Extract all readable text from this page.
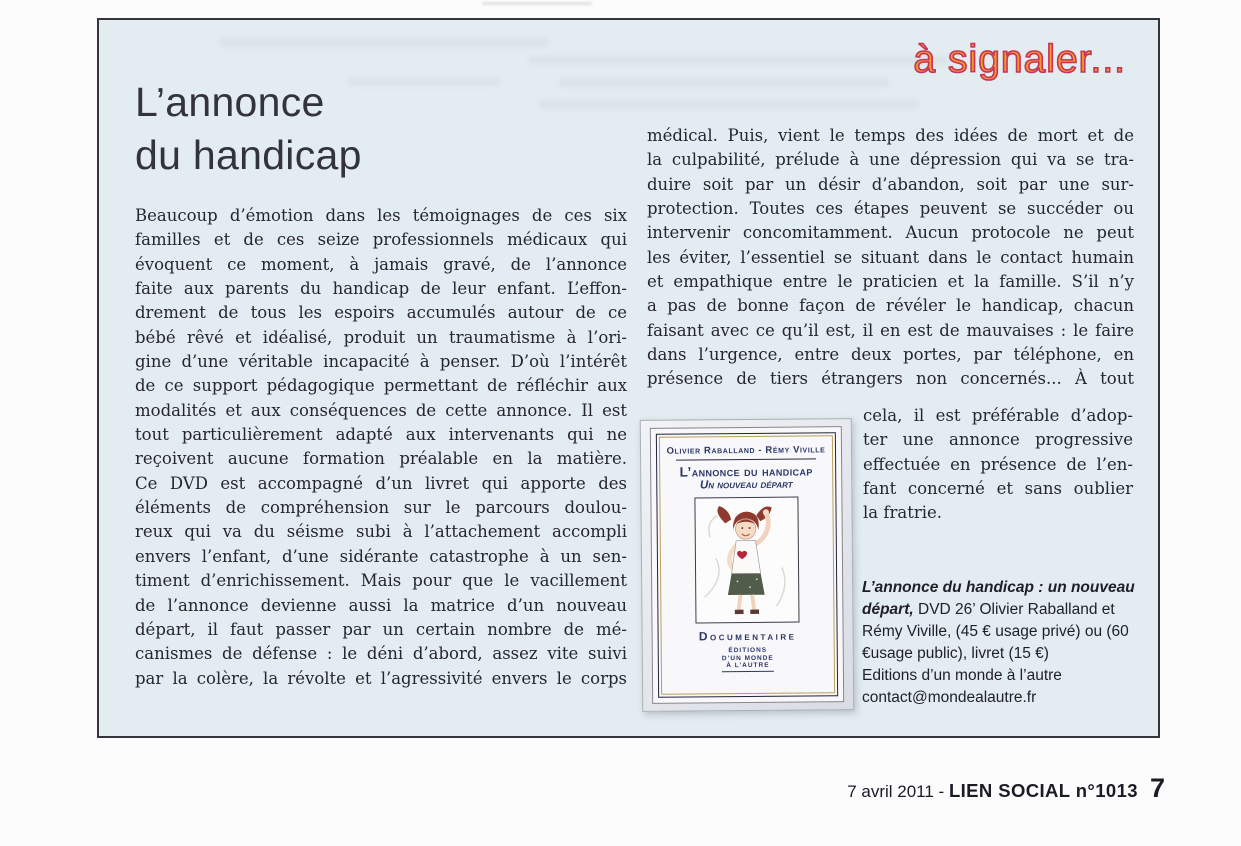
à signaler...
L’annonce
du handicap
Beaucoup d’émotion dans les témoignages de ces six
familles et de ces seize professionnels médicaux qui
évoquent ce moment, à jamais gravé, de l’annonce
faite aux parents du handicap de leur enfant. L’effon-
drement de tous les espoirs accumulés autour de ce
bébé rêvé et idéalisé, produit un traumatisme à l’ori-
gine d’une véritable incapacité à penser. D’où l’intérêt
de ce support pédagogique permettant de réfléchir aux
modalités et aux conséquences de cette annonce. Il est
tout particulièrement adapté aux intervenants qui ne
reçoivent aucune formation préalable en la matière.
Ce DVD est accompagné d’un livret qui apporte des
éléments de compréhension sur le parcours doulou-
reux qui va du séisme subi à l’attachement accompli
envers l’enfant, d’une sidérante catastrophe à un sen-
timent d’enrichissement. Mais pour que le vacillement
de l’annonce devienne aussi la matrice d’un nouveau
départ, il faut passer par un certain nombre de mé-
canismes de défense : le déni d’abord, assez vite suivi
par la colère, la révolte et l’agressivité envers le corps
médical. Puis, vient le temps des idées de mort et de
la culpabilité, prélude à une dépression qui va se tra-
duire soit par un désir d’abandon, soit par une sur-
protection. Toutes ces étapes peuvent se succéder ou
intervenir concomitamment. Aucun protocole ne peut
les éviter, l’essentiel se situant dans le contact humain
et empathique entre le praticien et la famille. S’il n’y
a pas de bonne façon de révéler le handicap, chacun
faisant avec ce qu’il est, il en est de mauvaises : le faire
dans l’urgence, entre deux portes, par téléphone, en
présence de tiers étrangers non concernés... À tout
cela, il est préférable d’adop-
ter une annonce progressive
effectuée en présence de l’en-
fant concerné et sans oublier
la fratrie.
Olivier Raballand - Rémy Viville
L’annonce du handicap
Un nouveau départ
Documentaire
ÉDITIONS
D’UN MONDE
À L’AUTRE

L’annonce du handicap : un nouveau départ, DVD 26’ Olivier Raballand et Rémy Viville, (45 € usage privé) ou (60 €usage public), livret (15 €)

Editions d’un monde à l’autre

contact@mondealautre.fr

7 avril 2011 - LIEN SOCIAL n°1013 7
